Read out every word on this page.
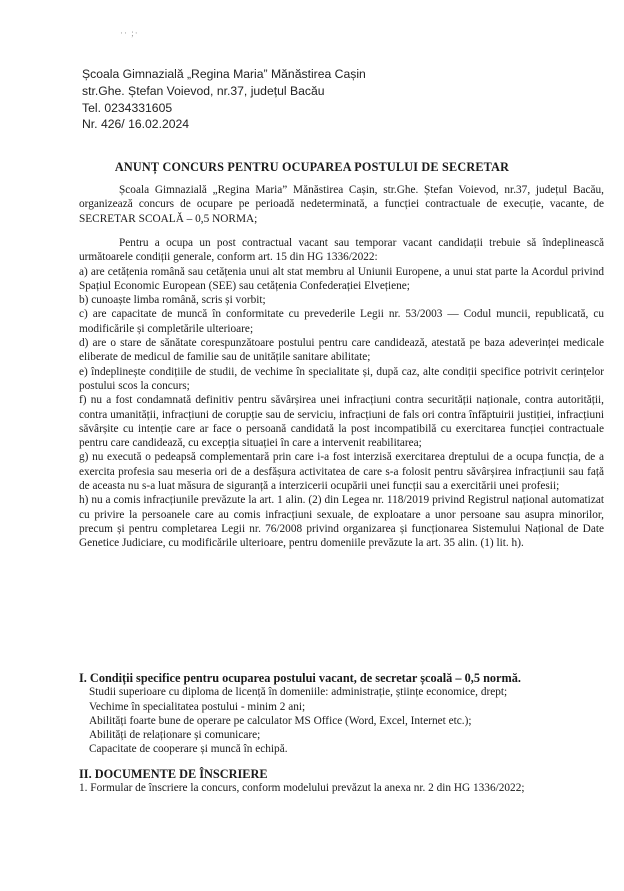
·· ;·
Școala Gimnazială „Regina Maria” Mănăstirea Cașin
str.Ghe. Ștefan Voievod, nr.37, județul Bacău
Tel. 0234331605
Nr. 426/ 16.02.2024
ANUNȚ CONCURS PENTRU OCUPAREA POSTULUI DE SECRETAR

Școala Gimnazială „Regina Maria” Mănăstirea Cașin, str.Ghe. Ștefan Voievod, nr.37, județul Bacău, organizează concurs de ocupare pe perioadă nedeterminată, a funcției contractuale de execuție, vacante, de SECRETAR SCOALĂ – 0,5 NORMA;

Pentru a ocupa un post contractual vacant sau temporar vacant candidații trebuie să îndeplinească următoarele condiții generale, conform art. 15 din HG 1336/2022:

a) are cetățenia română sau cetățenia unui alt stat membru al Uniunii Europene, a unui stat parte la Acordul privind Spațiul Economic European (SEE) sau cetățenia Confederației Elvețiene;

b) cunoaște limba română, scris și vorbit;

c) are capacitate de muncă în conformitate cu prevederile Legii nr. 53/2003 — Codul muncii, republicată, cu modificările și completările ulterioare;

d) are o stare de sănătate corespunzătoare postului pentru care candidează, atestată pe baza adeverinței medicale eliberate de medicul de familie sau de unitățile sanitare abilitate;

e) îndeplinește condițiile de studii, de vechime în specialitate și, după caz, alte condiții specifice potrivit cerințelor postului scos la concurs;

f) nu a fost condamnată definitiv pentru săvârșirea unei infracțiuni contra securității naționale, contra autorității, contra umanității, infracțiuni de corupție sau de serviciu, infracțiuni de fals ori contra înfăptuirii justiției, infracțiuni săvârșite cu intenție care ar face o persoană candidată la post incompatibilă cu exercitarea funcției contractuale pentru care candidează, cu excepția situației în care a intervenit reabilitarea;

g) nu execută o pedeapsă complementară prin care i-a fost interzisă exercitarea dreptului de a ocupa funcția, de a exercita profesia sau meseria ori de a desfășura activitatea de care s-a folosit pentru săvârșirea infracțiunii sau față de aceasta nu s-a luat măsura de siguranță a interzicerii ocupării unei funcții sau a exercitării unei profesii;

h) nu a comis infracțiunile prevăzute la art. 1 alin. (2) din Legea nr. 118/2019 privind Registrul național automatizat cu privire la persoanele care au comis infracțiuni sexuale, de exploatare a unor persoane sau asupra minorilor, precum și pentru completarea Legii nr. 76/2008 privind organizarea și funcționarea Sistemului Național de Date Genetice Judiciare, cu modificările ulterioare, pentru domeniile prevăzute la art. 35 alin. (1) lit. h).

I. Condiții specifice pentru ocuparea postului vacant, de secretar școală – 0,5 normă.

Studii superioare cu diploma de licență în domeniile: administrație, științe economice, drept;
Vechime în specialitatea postului - minim 2 ani;
Abilități foarte bune de operare pe calculator MS Office (Word, Excel, Internet etc.);
Abilități de relaționare și comunicare;
Capacitate de cooperare și muncă în echipă.

II. DOCUMENTE DE ÎNSCRIERE

1. Formular de înscriere la concurs, conform modelului prevăzut la anexa nr. 2 din HG 1336/2022;
